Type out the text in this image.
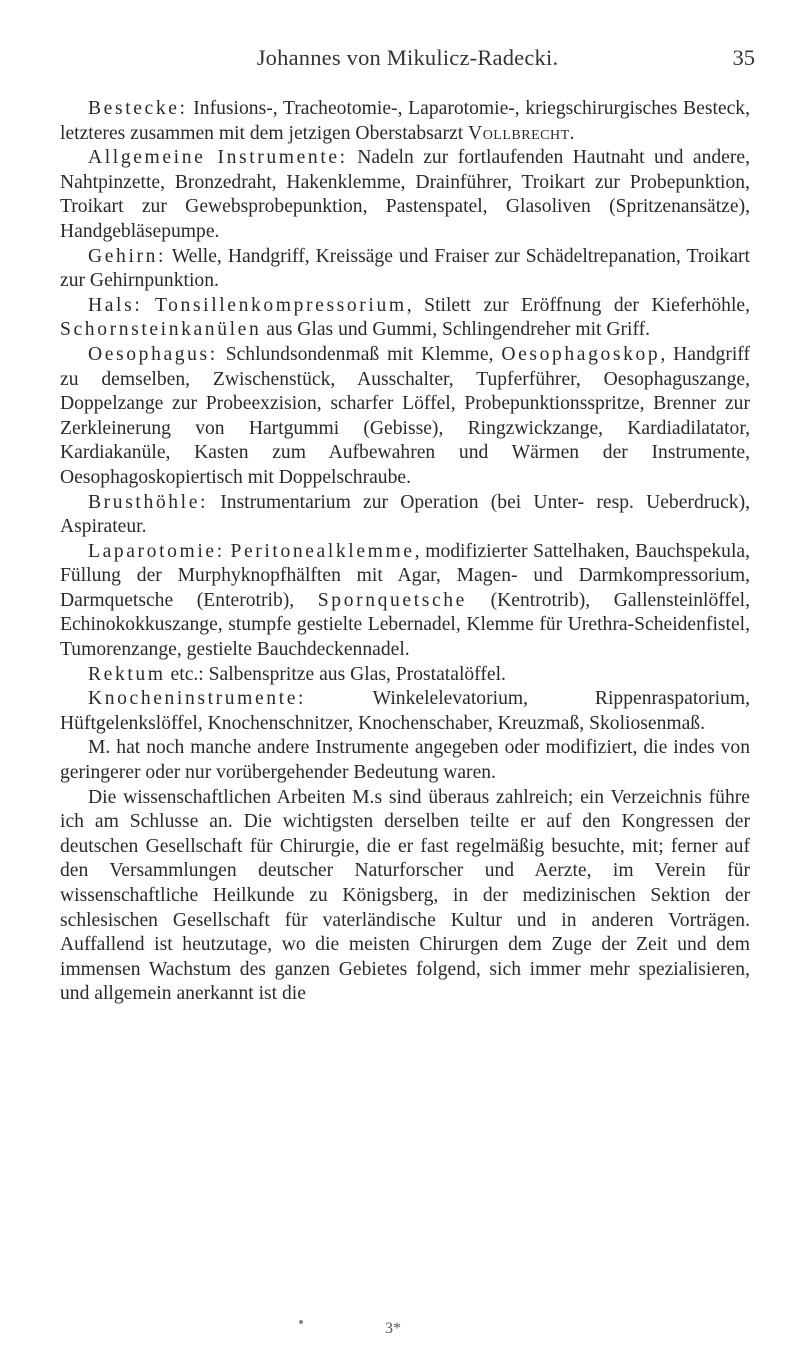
Johannes von Mikulicz-Radecki.	35

Bestecke: Infusions-, Tracheotomie-, Laparotomie-, kriegschirurgisches Besteck, letzteres zusammen mit dem jetzigen Oberstabsarzt Vollbrecht.

Allgemeine Instrumente: Nadeln zur fortlaufenden Hautnaht und andere, Nahtpinzette, Bronzedraht, Hakenklemme, Drainführer, Troikart zur Probepunktion, Troikart zur Gewebsprobepunktion, Pastenspatel, Glasoliven (Spritzenansätze), Handgebläsepumpe.

Gehirn: Welle, Handgriff, Kreissäge und Fraiser zur Schädeltrepanation, Troikart zur Gehirnpunktion.

Hals: Tonsillenkompressorium, Stilett zur Eröffnung der Kieferhöhle, Schornsteinkanülen aus Glas und Gummi, Schlingendreher mit Griff.

Oesophagus: Schlundsondenmaß mit Klemme, Oesophagoskop, Handgriff zu demselben, Zwischenstück, Ausschalter, Tupferführer, Oesophaguszange, Doppelzange zur Probeexzision, scharfer Löffel, Probepunktionsspritze, Brenner zur Zerkleinerung von Hartgummi (Gebisse), Ringzwickzange, Kardiadilatator, Kardiakanüle, Kasten zum Aufbewahren und Wärmen der Instrumente, Oesophagoskopiertisch mit Doppelschraube.

Brusthöhle: Instrumentarium zur Operation (bei Unter- resp. Ueberdruck), Aspirateur.

Laparotomie: Peritonealklemme, modifizierter Sattelhaken, Bauchspekula, Füllung der Murphyknopfhälften mit Agar, Magen- und Darmkompressorium, Darmquetsche (Enterotrib), Spornquetsche (Kentrotrib), Gallensteinlöffel, Echinokokkuszange, stumpfe gestielte Lebernadel, Klemme für Urethra-Scheidenfistel, Tumorenzange, gestielte Bauchdeckennadel.

Rektum etc.: Salbenspritze aus Glas, Prostatalöffel.

Knocheninstrumente: Winkelelevatorium, Rippenraspatorium, Hüftgelenkslöffel, Knochenschnitzer, Knochenschaber, Kreuzmaß, Skoliosenmaß.

M. hat noch manche andere Instrumente angegeben oder modifiziert, die indes von geringerer oder nur vorübergehender Bedeutung waren.

Die wissenschaftlichen Arbeiten M.s sind überaus zahlreich; ein Verzeichnis führe ich am Schlusse an. Die wichtigsten derselben teilte er auf den Kongressen der deutschen Gesellschaft für Chirurgie, die er fast regelmäßig besuchte, mit; ferner auf den Versammlungen deutscher Naturforscher und Aerzte, im Verein für wissenschaftliche Heilkunde zu Königsberg, in der medizinischen Sektion der schlesischen Gesellschaft für vaterländische Kultur und in anderen Vorträgen. Auffallend ist heutzutage, wo die meisten Chirurgen dem Zuge der Zeit und dem immensen Wachstum des ganzen Gebietes folgend, sich immer mehr spezialisieren, und allgemein anerkannt ist die

3*
